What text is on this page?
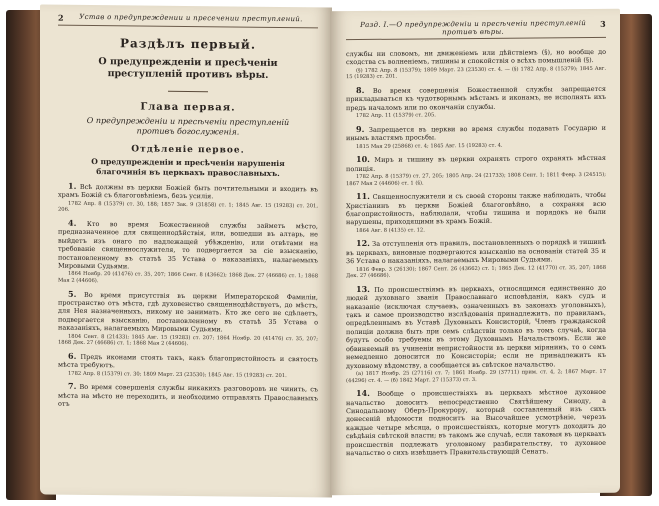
2	Устав о предупреждении и пресечении преступлений.
Раздѣлъ первый.
О предупрежденіи и пресѣченіи преступленій противъ вѣры.
Глава первая.
О предупрежденіи и пресѣченіи преступленій противъ богослуженія.
Отдѣленіе первое.
О предупрежденіи и пресѣченіи нарушенія благочинія въ церквахъ православныхъ.
1. Всѣ должны въ церкви Божіей быть почтительными и входить въ храмъ Божій съ благоговѣніемъ, безъ усилія.
1782 Апр. 8 (15379) ст. 30, 188; 1857 Зак. 9 (31858) ст. 1; 1845 Авг. 15 (19283) ст. 201, 206.
4. Кто во время Божественной службы займетъ мѣсто, предназначенное для священнодѣйствія, или, вошедши въ алтарь, не выйдетъ изъ онаго по надлежащей убѣжденію, или отвѣтами на требованіе священнослужителя, то подвергается за сіе взысканію, постановленному въ статьѣ 35 Устава о наказаніяхъ, налагаемыхъ Мировыми Судьями.
1864 Ноябр. 20 (41476) ст. 35, 207; 1866 Сент. 8 (43662); 1868 Дек. 27 (46686) ст. 1; 1868 Мая 2 (44606).
5. Во время присутствія въ церкви Императорской Фамиліи, пространство отъ мѣста, гдѣ духовенство священнодѣйствуетъ, до мѣстъ, для Нея назначенныхъ, никому не занимать. Кто же сего не сдѣлаетъ, подвергается взысканію, постановленному въ статьѣ 35 Устава о наказаніяхъ, налагаемыхъ Мировыми Судьями.
1804 Сент. 8 (21433); 1845 Авг. 15 (19283) ст. 207; 1864 Ноябр. 20 (41476) ст. 35, 207; 1868 Дек. 27 (46686) ст. 1; 1868 Мая 2 (44606).
6. Предъ иконами стоять такъ, какъ благопристойность и святость мѣста требуютъ.
1782 Апр. 8 (15379) ст. 30; 1809 Март. 23 (23530); 1845 Авг. 15 (19283) ст. 201.
7. Во время совершенія службы никакихъ разговоровъ не чинить, съ мѣста на мѣсто не переходить, и необходимо отправлять Православныхъ отъ
Разд. I.—О предупрежденіи и пресѣченіи преступленій противъ вѣры.
3
службы ни словомъ, ни движеніемъ или дѣйствіемъ (§), но вообще до сходства съ волненіемъ, тишины и спокойствія о всѣхъ помышленій (§).
(§) 1782 Апр. 8 (15379); 1809 Март. 23 (23530) ст. 4. — (§) 1782 Апр. 8 (15379); 1845 Авг. 15 (19283) ст. 201.
8. Во время совершенія Божественной службы запрещается прикладываться къ чудотворнымъ мѣстамъ и иконамъ, не исполнять ихъ предъ началомъ или по окончаніи службы.
1782 Апр. 11 (15379) ст. 205.
9. Запрещается въ церкви во время службы подавать Государю и инымъ властямъ просьбы.
1815 Мая 29 (25868) ст. 4; 1845 Авг. 15 (19283) ст. 4.
10. Миръ и тишину въ церкви охранять строго охранять мѣстная полиція.
1782 Апр. 8 (15379) ст. 27, 205; 1805 Апр. 24 (21733); 1808 Сент. 1; 1811 Февр. 3 (24515); 1867 Мая 2 (44606) ст. 1 (§).
11. Священнослужители и съ своей стороны также наблюдать, чтобы Христіанинъ въ церкви Божіей благоговѣйно, а сохраняя всю благопристойность, наблюдали, чтобы тишина и порядокъ не были нарушены, приходящими въ храмъ Божій.
1864 Авг. 8 (4135) ст. 12.
12. За отступленія отъ правилъ, постановленныхъ о порядкѣ и тишинѣ въ церквахъ, виновные подвергаются взысканію на основаніи статей 35 и 36 Устава о наказаніяхъ, налагаемыхъ Мировыми Судьями.
1816 Февр. 3 (26130); 1867 Сент. 26 (43662) ст. 1; 1865 Дек. 12 (41770) ст. 35, 207; 1868 Дек. 27 (46686).
13. По происшествіямъ въ церквахъ, относящимся единственно до людей духовнаго званія Православнаго исповѣданія, какъ судъ и наказаніе (исключая случаевъ, означенныхъ въ законахъ уголовныхъ), такъ и самое производство изслѣдованія принадлежитъ, по правиламъ, опредѣленнымъ въ Уставѣ Духовныхъ Консисторій, Членъ гражданской полиціи должна быть при семъ слѣдствіи только въ томъ случаѣ, когда будутъ особо требуемы въ этому Духовнымъ Начальствомъ. Если же обвиняемый въ учиненіи непристойности въ церкви мірянинъ, то о семъ немедленно доносится по Консисторіи; если не принадлежитъ къ духовному вѣдомству, а сообщается въ свѣтское начальство.
(а) 1817 Ноябр. 25 (27116) ст. 7; 1861 Ноябр. 29 (37711) прим. ст. 4, 2; 1867 Март. 17 (44296) ст. 4. — (б) 1842 Март. 27 (15373) ст. 3.
14. Вообще о происшествіяхъ въ церквахъ мѣстное духовное начальство доноситъ непосредственно Святѣйшему Синоду, а Синодальному Оберъ-Прокурору, который составленный изъ сихъ донесеній вѣдомости подноситъ на Высочайшее усмотрѣніе, черезъ каждые четыре мѣсяца, о происшествіяхъ, которые могутъ доходить до свѣдѣнія свѣтской власти; въ такомъ же случаѣ, если таковыя въ церквахъ происшествія подлежатъ уголовному разбирательству, то духовное начальство о сихъ извѣщаетъ Правительствующій Сенатъ.
